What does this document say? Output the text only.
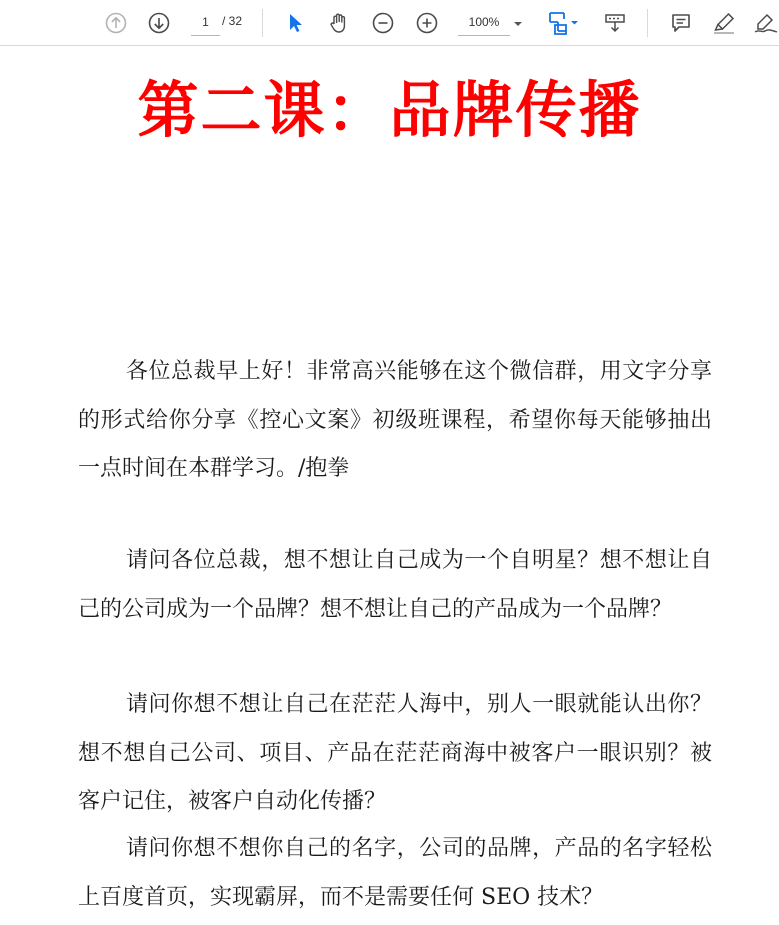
1
/ 32
100%
第二课：品牌传播

各位总裁早上好！非常高兴能够在这个微信群，用文字分享的形式给你分享《控心文案》初级班课程，希望你每天能够抽出一点时间在本群学习。/抱拳

请问各位总裁，想不想让自己成为一个自明星？想不想让自己的公司成为一个品牌？想不想让自己的产品成为一个品牌？

请问你想不想让自己在茫茫人海中，别人一眼就能认出你？想不想自己公司、项目、产品在茫茫商海中被客户一眼识别？被客户记住，被客户自动化传播？

请问你想不想你自己的名字，公司的品牌，产品的名字轻松上百度首页，实现霸屏，而不是需要任何 SEO 技术？
